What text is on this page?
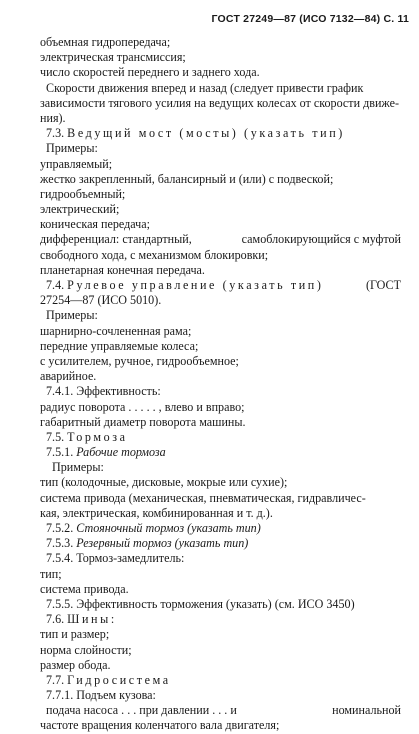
ГОСТ 27249—87 (ИСО 7132—84) С. 11
объемная гидропередача;
электрическая трансмиссия;
число скоростей переднего и заднего хода.
Скорости движения вперед и назад (следует привести график
зависимости тягового усилия на ведущих колесах от скорости движе-
ния).
7.3. Ведущий мост (мосты) (указать тип)
Примеры:
управляемый;
жестко закрепленный, балансирный и (или) с подвеской;
гидрообъемный;
электрический;
коническая передача;
дифференциал: стандартный,	самоблокирующийся с муфтой
свободного хода, с механизмом блокировки;
планетарная конечная передача.
7.4. Рулевое управление (указать тип)	(ГОСТ
27254—87 (ИСО 5010).
Примеры:
шарнирно-сочлененная рама;
передние управляемые колеса;
с усилителем, ручное, гидрообъемное;
аварийное.
7.4.1. Эффективность:
радиус поворота . . . . . , влево и вправо;
габаритный диаметр поворота машины.
7.5. Тормоза
7.5.1. Рабочие тормоза
Примеры:
тип (колодочные, дисковые, мокрые или сухие);
система привода (механическая, пневматическая, гидравличес-
кая, электрическая, комбинированная и т. д.).
7.5.2. Стояночный тормоз (указать тип)
7.5.3. Резервный тормоз (указать тип)
7.5.4. Тормоз-замедлитель:
тип;
система привода.
7.5.5. Эффективность торможения (указать) (см. ИСО 3450)
7.6. Шины:
тип и размер;
норма слойности;
размер обода.
7.7. Гидросистема
7.7.1. Подъем кузова:
подача насоса . . . при давлении . . . и	номинальной
частоте вращения коленчатого вала двигателя;
